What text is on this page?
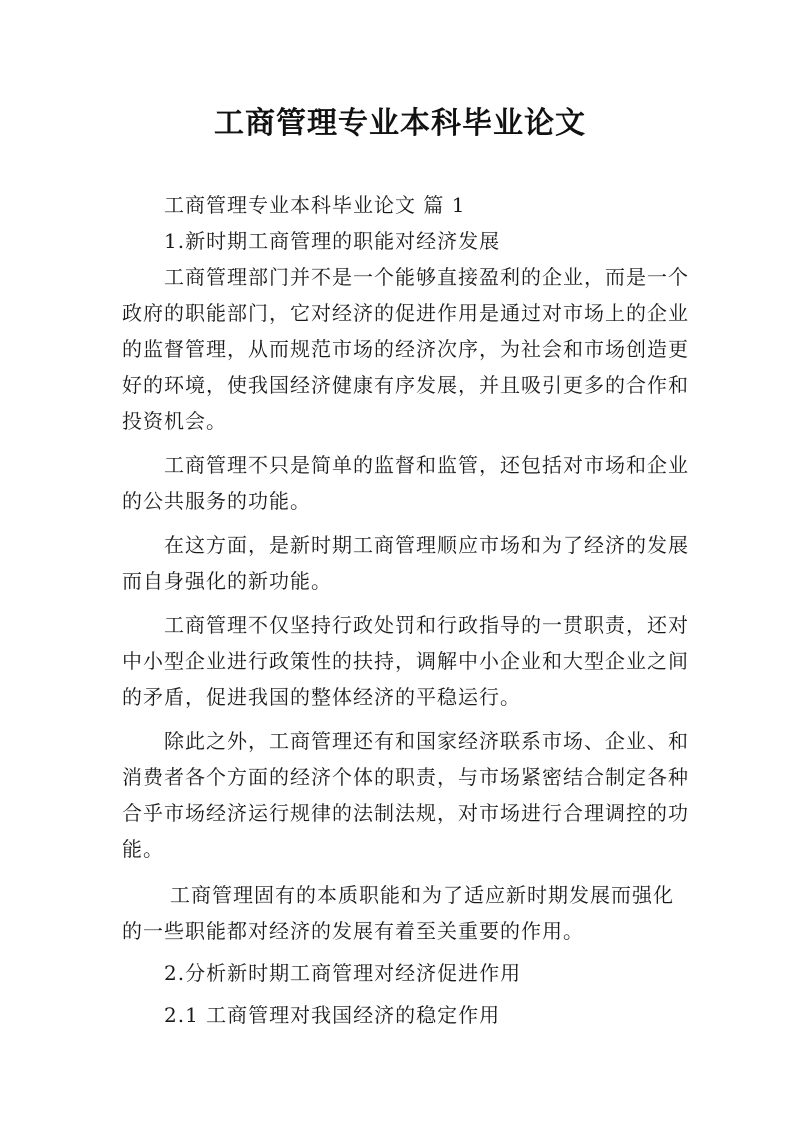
工商管理专业本科毕业论文

工商管理专业本科毕业论文 篇 1

1.新时期工商管理的职能对经济发展

工商管理部门并不是一个能够直接盈利的企业，而是一个政府的职能部门，它对经济的促进作用是通过对市场上的企业的监督管理，从而规范市场的经济次序，为社会和市场创造更好的环境，使我国经济健康有序发展，并且吸引更多的合作和投资机会。

工商管理不只是简单的监督和监管，还包括对市场和企业的公共服务的功能。

在这方面，是新时期工商管理顺应市场和为了经济的发展而自身强化的新功能。

工商管理不仅坚持行政处罚和行政指导的一贯职责，还对中小型企业进行政策性的扶持，调解中小企业和大型企业之间的矛盾，促进我国的整体经济的平稳运行。

除此之外，工商管理还有和国家经济联系市场、企业、和消费者各个方面的经济个体的职责，与市场紧密结合制定各种合乎市场经济运行规律的法制法规，对市场进行合理调控的功能。

工商管理固有的本质职能和为了适应新时期发展而强化的一些职能都对经济的发展有着至关重要的作用。

2.分析新时期工商管理对经济促进作用

2.1 工商管理对我国经济的稳定作用
